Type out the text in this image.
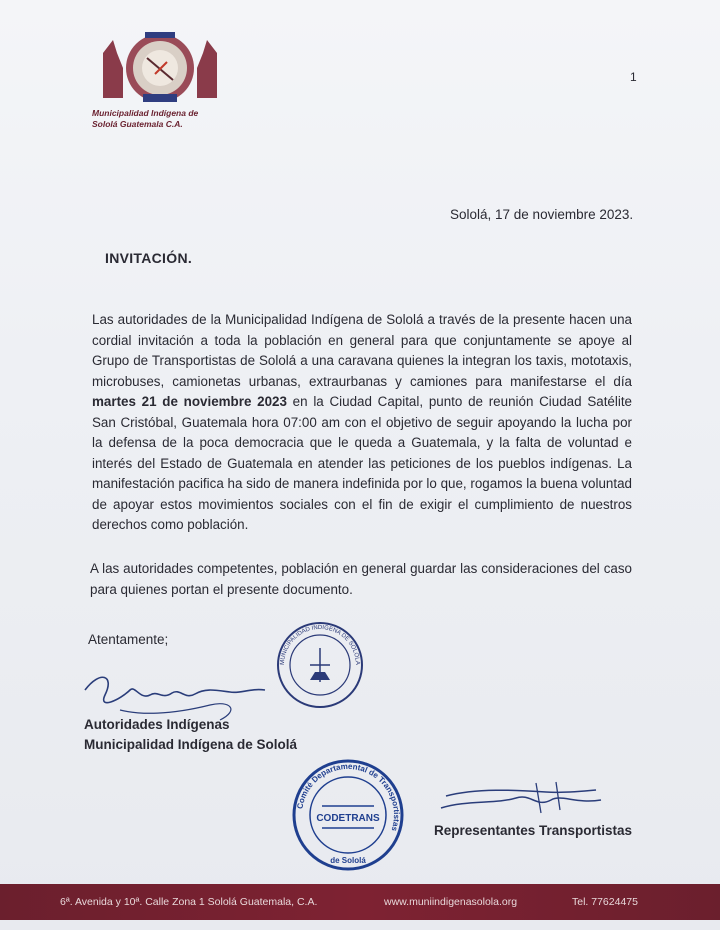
Municipalidad Indígena de
Sololá Guatemala C.A.
1
Sololá, 17 de noviembre 2023.
INVITACIÓN.
Las autoridades de la Municipalidad Indígena de Sololá a través de la presente hacen una cordial invitación a toda la población en general para que conjuntamente se apoye al Grupo de Transportistas de Sololá a una caravana quienes la integran los taxis, mototaxis, microbuses, camionetas urbanas, extraurbanas y camiones para manifestarse el día martes 21 de noviembre 2023 en la Ciudad Capital, punto de reunión Ciudad Satélite San Cristóbal, Guatemala hora 07:00 am con el objetivo de seguir apoyando la lucha por la defensa de la poca democracia que le queda a Guatemala, y la falta de voluntad e interés del Estado de Guatemala en atender las peticiones de los pueblos indígenas. La manifestación pacifica ha sido de manera indefinida por lo que, rogamos la buena voluntad de apoyar estos movimientos sociales con el fin de exigir el cumplimiento de nuestros derechos como población.
A las autoridades competentes, población en general guardar las consideraciones del caso para quienes portan el presente documento.
Atentamente;
MUNICIPALIDAD INDIGENA DE SOLOLA
Autoridades Indígenas
Municipalidad Indígena de Sololá
Comité Departamental de Transportistas
CODETRANS
de Sololá
Representantes Transportistas
6ª. Avenida y 10ª. Calle Zona 1 Sololá Guatemala, C.A.	www.muniindigenasolola.org	Tel. 77624475
